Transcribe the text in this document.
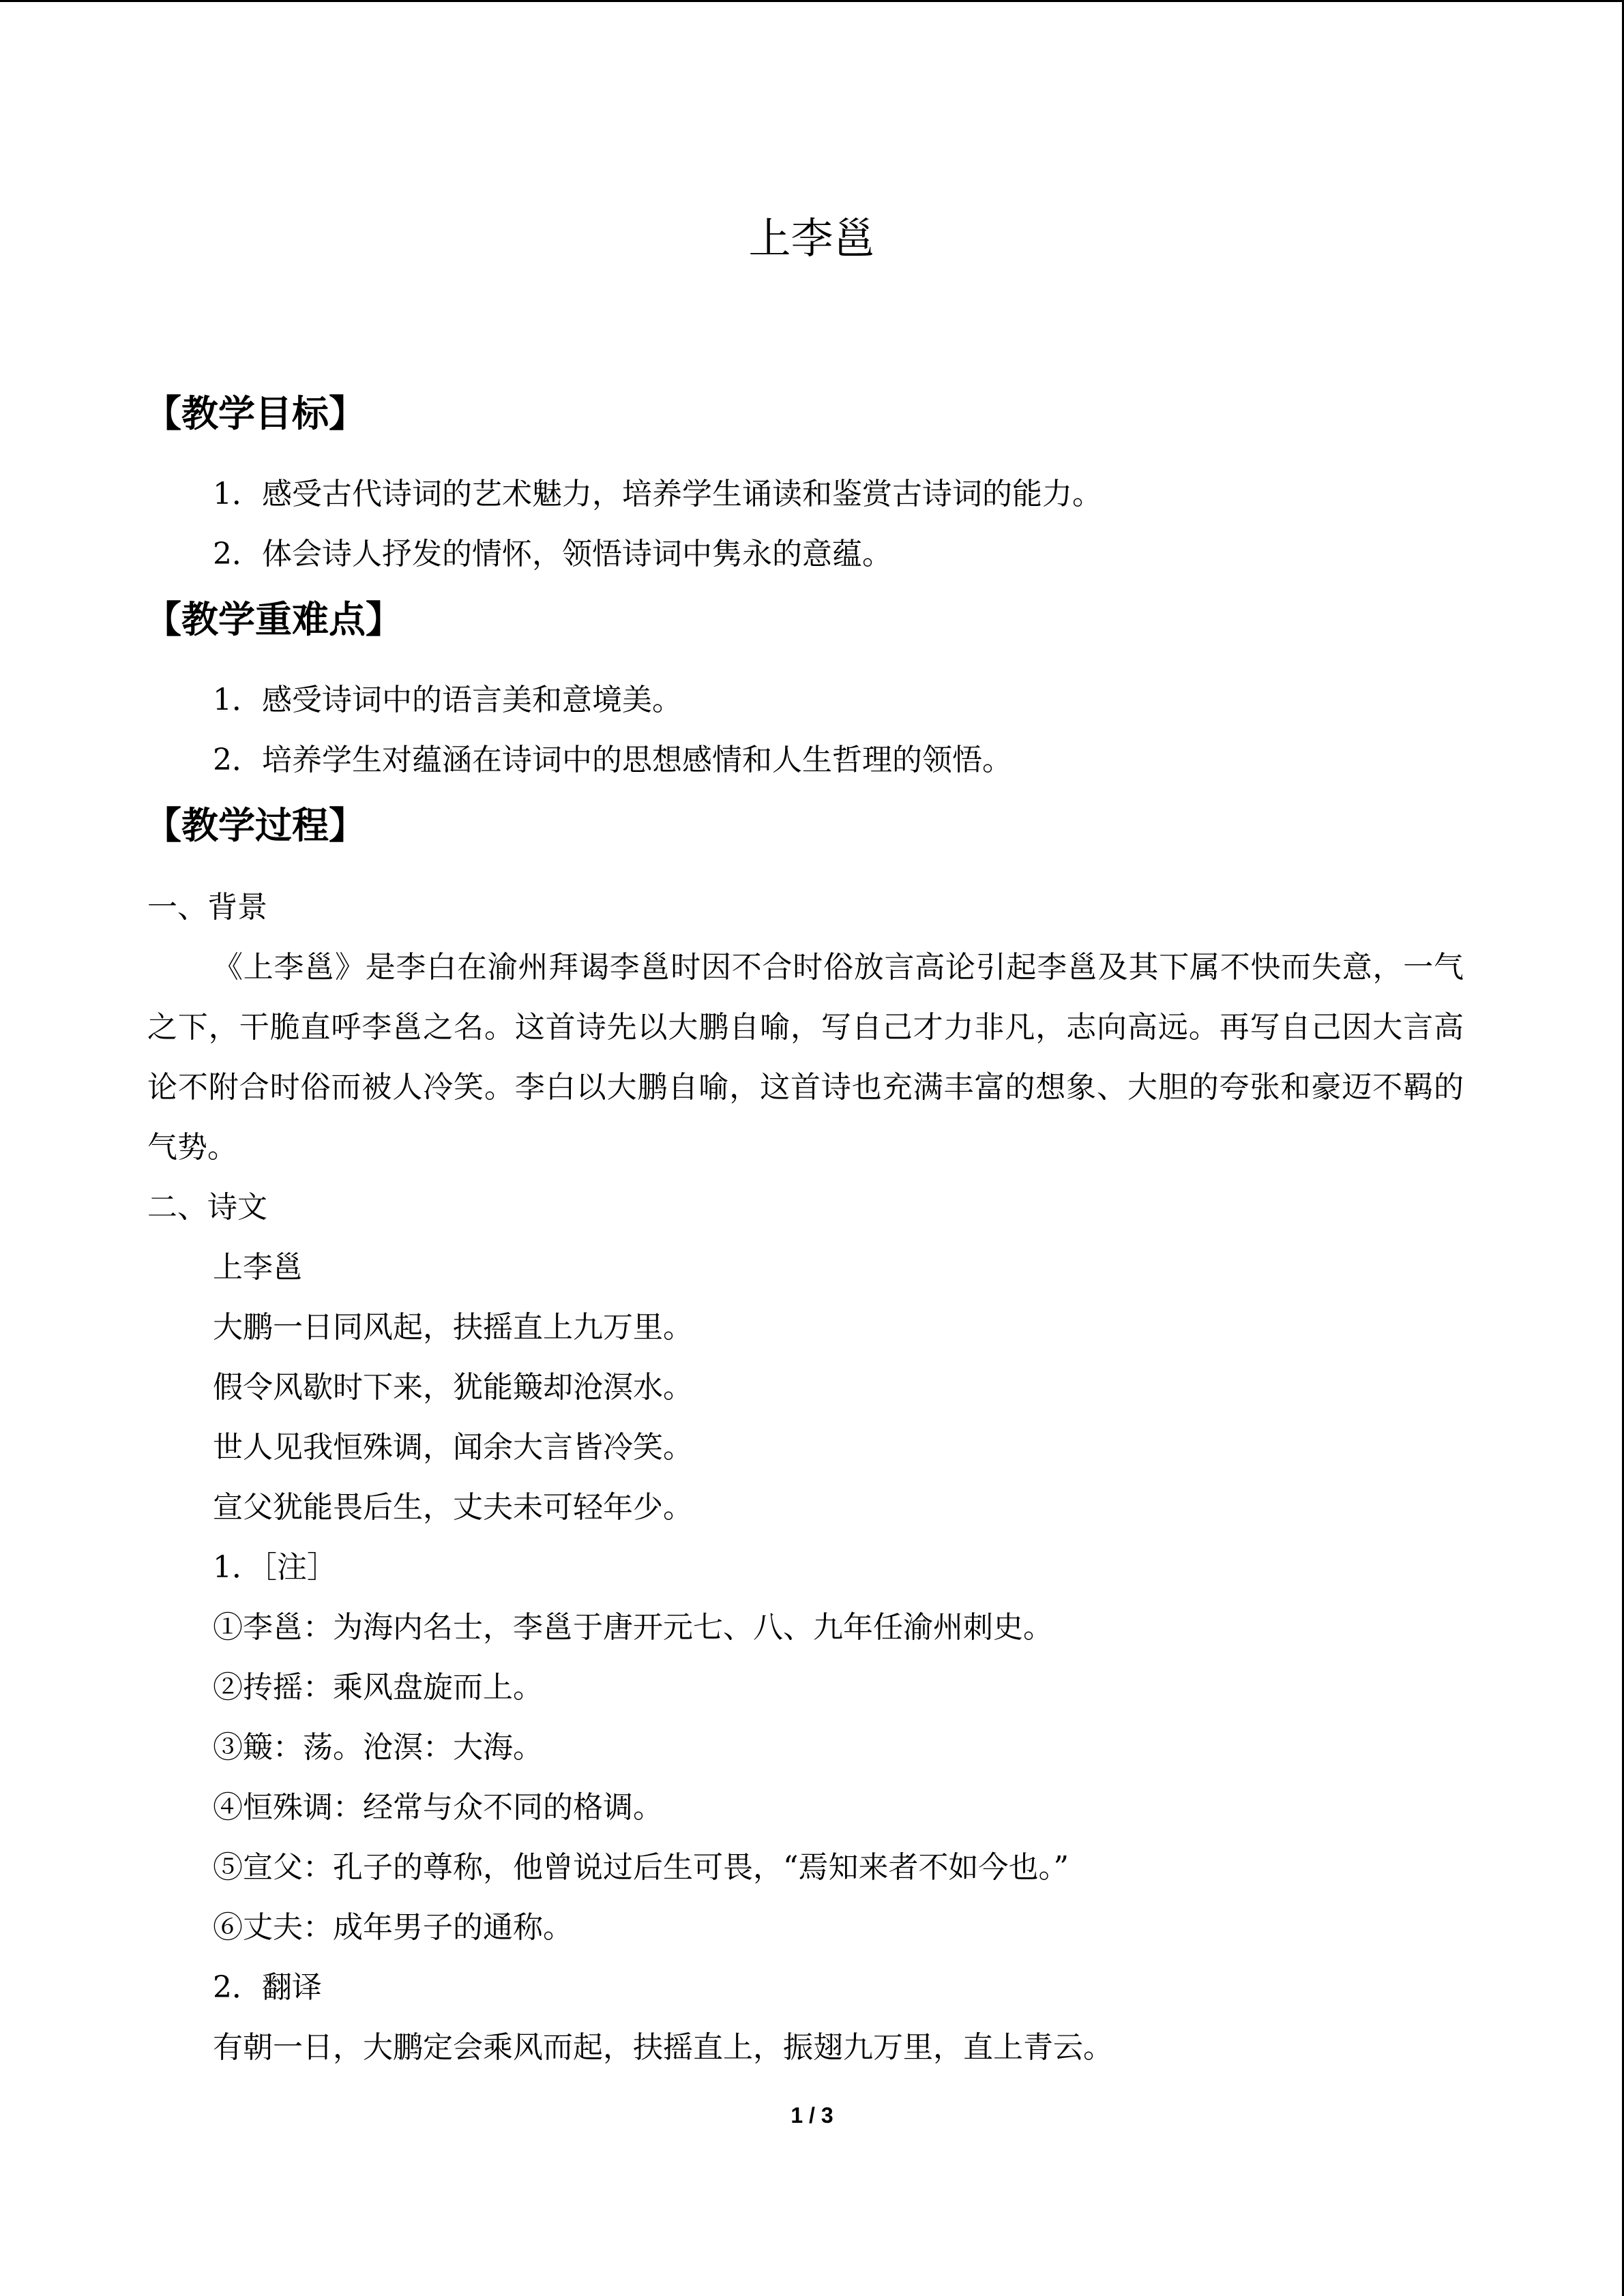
上李邕
【教学目标】
1．感受古代诗词的艺术魅力，培养学生诵读和鉴赏古诗词的能力。
2．体会诗人抒发的情怀，领悟诗词中隽永的意蕴。
【教学重难点】
1．感受诗词中的语言美和意境美。
2．培养学生对蕴涵在诗词中的思想感情和人生哲理的领悟。
【教学过程】
一、背景
《上李邕》是李白在渝州拜谒李邕时因不合时俗放言高论引起李邕及其下属不快而失意，一气之下，干脆直呼李邕之名。这首诗先以大鹏自喻，写自己才力非凡，志向高远。再写自己因大言高论不附合时俗而被人冷笑。李白以大鹏自喻，这首诗也充满丰富的想象、大胆的夸张和豪迈不羁的气势。
二、诗文
上李邕
大鹏一日同风起，扶摇直上九万里。
假令风歇时下来，犹能簸却沧溟水。
世人见我恒殊调，闻余大言皆冷笑。
宣父犹能畏后生，丈夫未可轻年少。
1．［注］
①李邕：为海内名士，李邕于唐开元七、八、九年任渝州刺史。
②抟摇：乘风盘旋而上。
③簸：荡。沧溟：大海。
④恒殊调：经常与众不同的格调。
⑤宣父：孔子的尊称，他曾说过后生可畏，“焉知来者不如今也。”
⑥丈夫：成年男子的通称。
2．翻译
有朝一日，大鹏定会乘风而起，扶摇直上，振翅九万里，直上青云。
1 / 3
